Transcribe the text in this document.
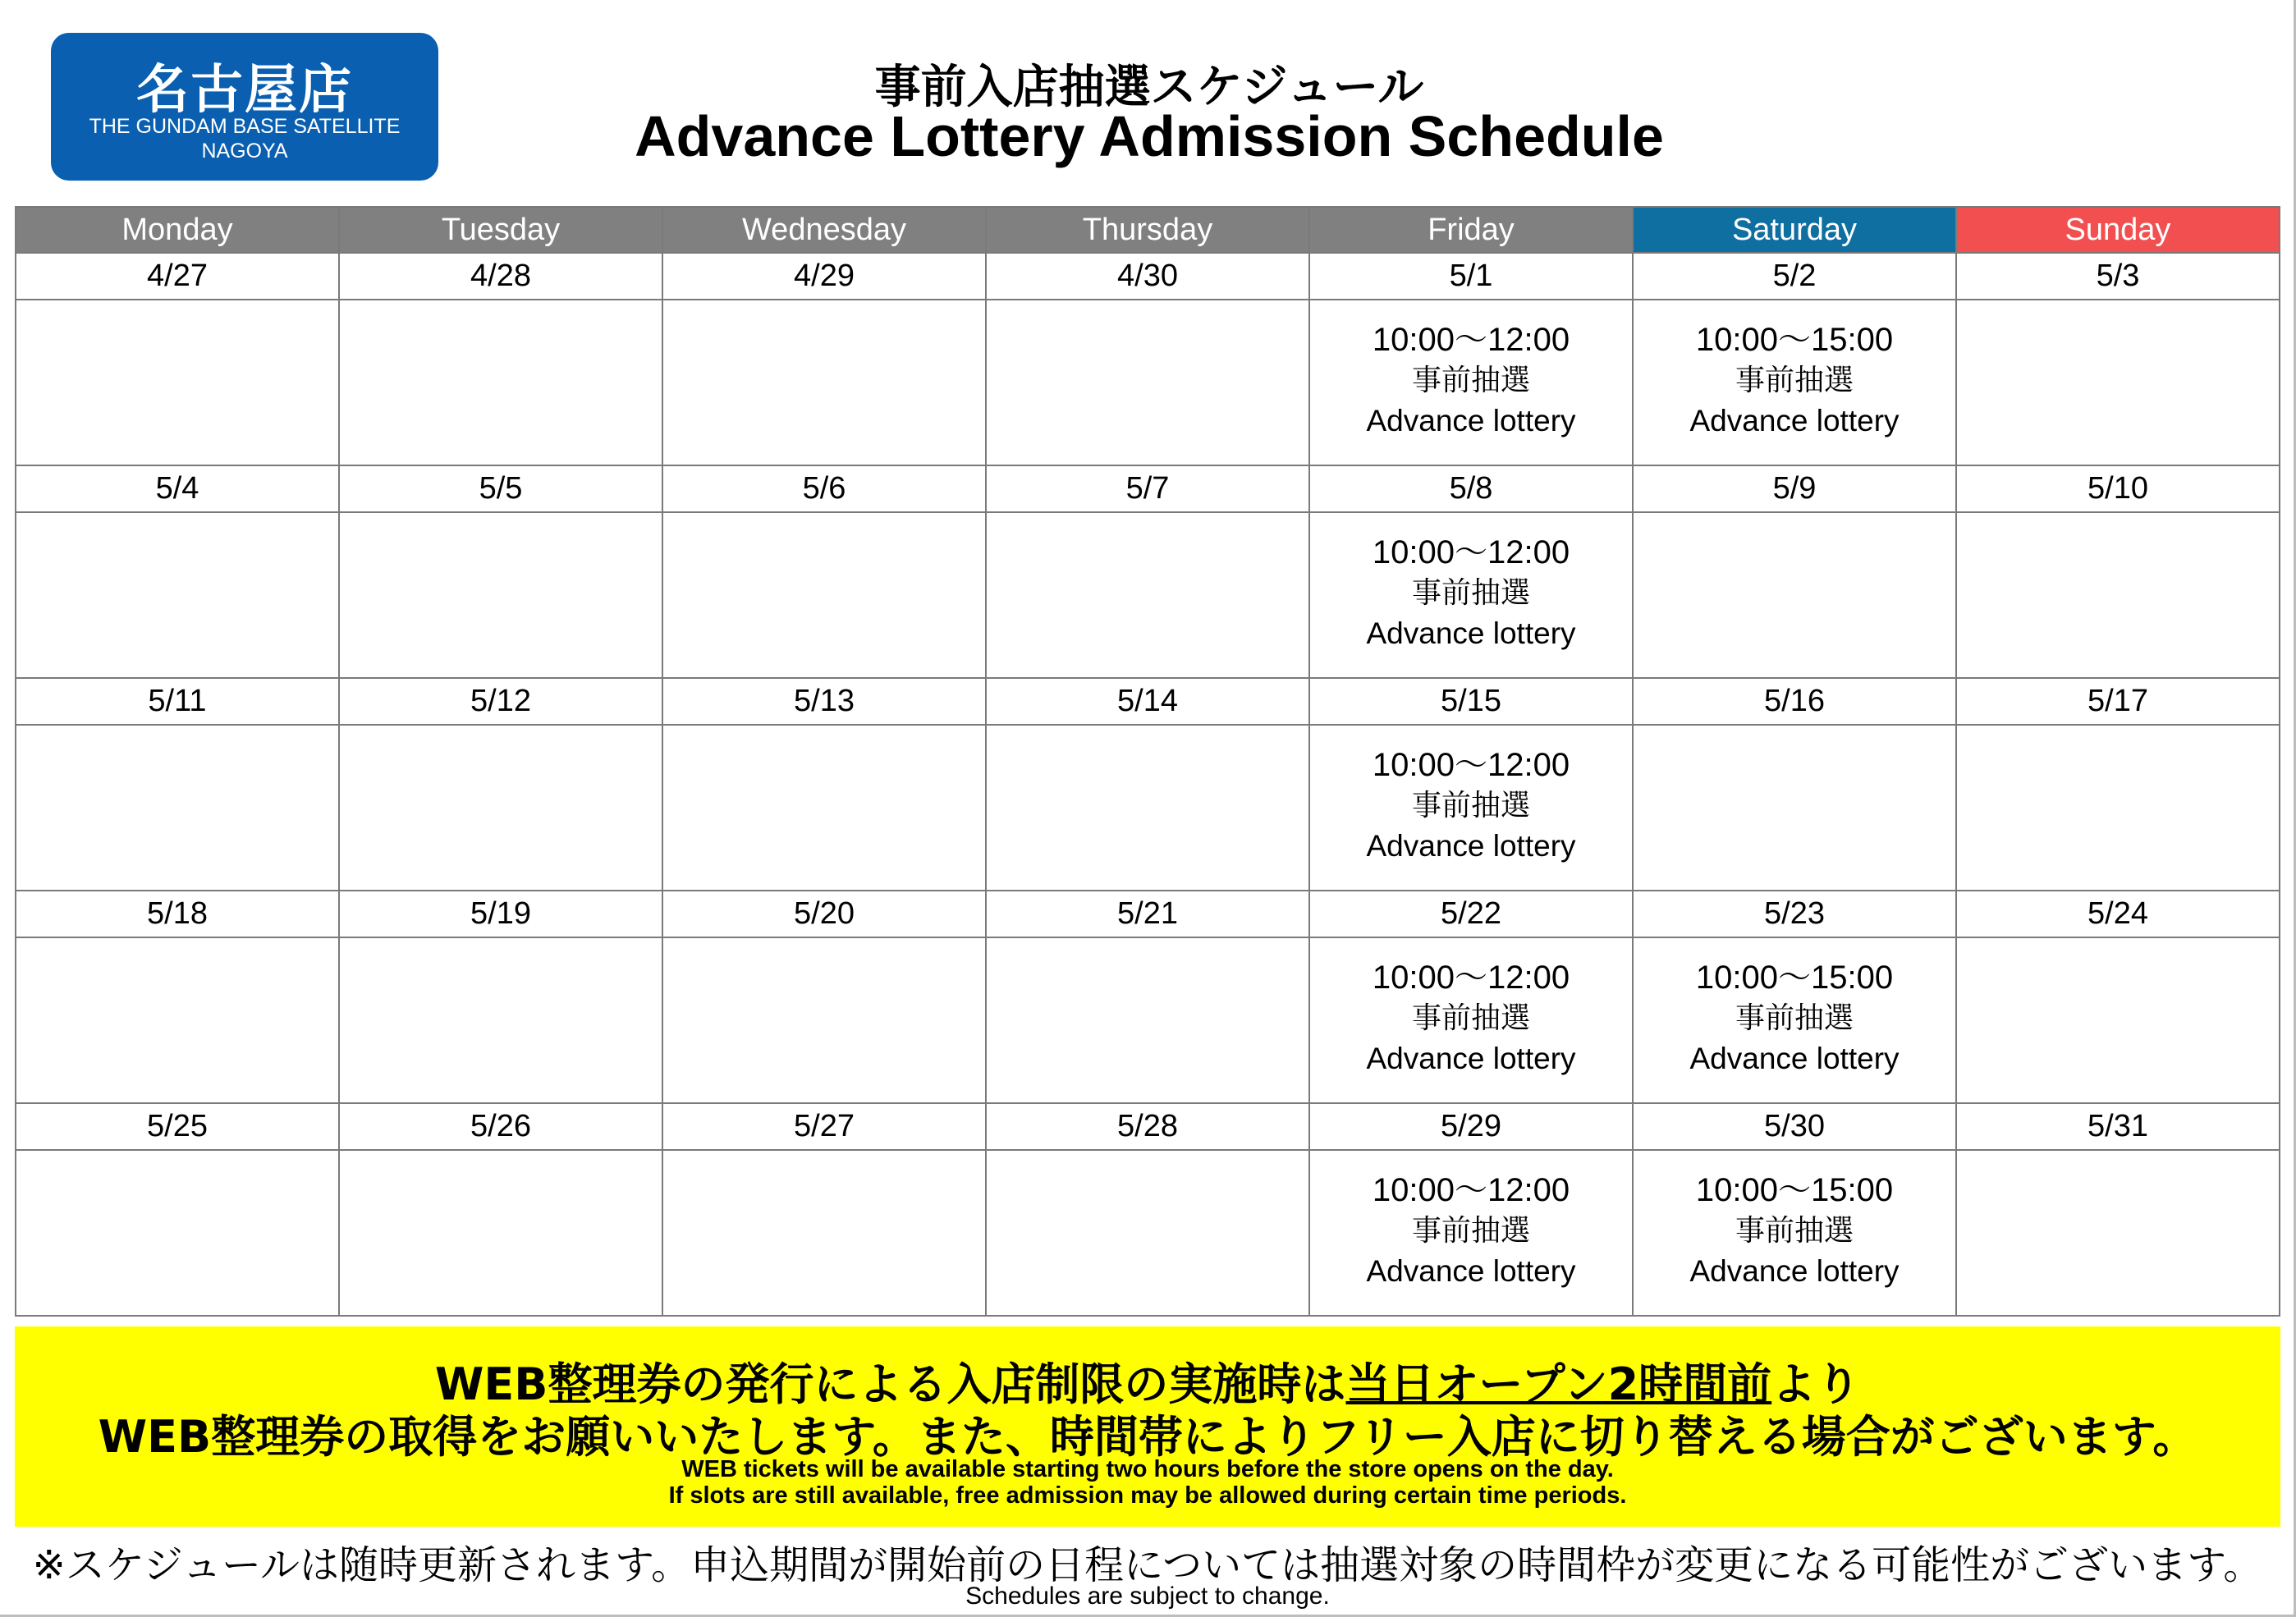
名古屋店
THE GUNDAM BASE SATELLITE
NAGOYA
事前入店抽選スケジュール
Advance Lottery Admission Schedule
Monday	Tuesday	Wednesday	Thursday	Friday	Saturday	Sunday
4/27	4/28	4/29	4/30	5/1	5/2	5/3

				10:00〜12:00
事前抽選
Advance lottery	10:00〜15:00
事前抽選
Advance lottery	

5/4	5/5	5/6	5/7	5/8	5/9	5/10

				10:00〜12:00
事前抽選
Advance lottery		

5/11	5/12	5/13	5/14	5/15	5/16	5/17

				10:00〜12:00
事前抽選
Advance lottery		

5/18	5/19	5/20	5/21	5/22	5/23	5/24

				10:00〜12:00
事前抽選
Advance lottery	10:00〜15:00
事前抽選
Advance lottery	

5/25	5/26	5/27	5/28	5/29	5/30	5/31

				10:00〜12:00
事前抽選
Advance lottery	10:00〜15:00
事前抽選
Advance lottery	

WEB整理券の発行による入店制限の実施時は当日オープン2時間前より
WEB整理券の取得をお願いいたします。また、時間帯によりフリー入店に切り替える場合がございます。
WEB tickets will be available starting two hours before the store opens on the day.
If slots are still available, free admission may be allowed during certain time periods.
※スケジュールは随時更新されます。申込期間が開始前の日程については抽選対象の時間枠が変更になる可能性がございます。
Schedules are subject to change.
